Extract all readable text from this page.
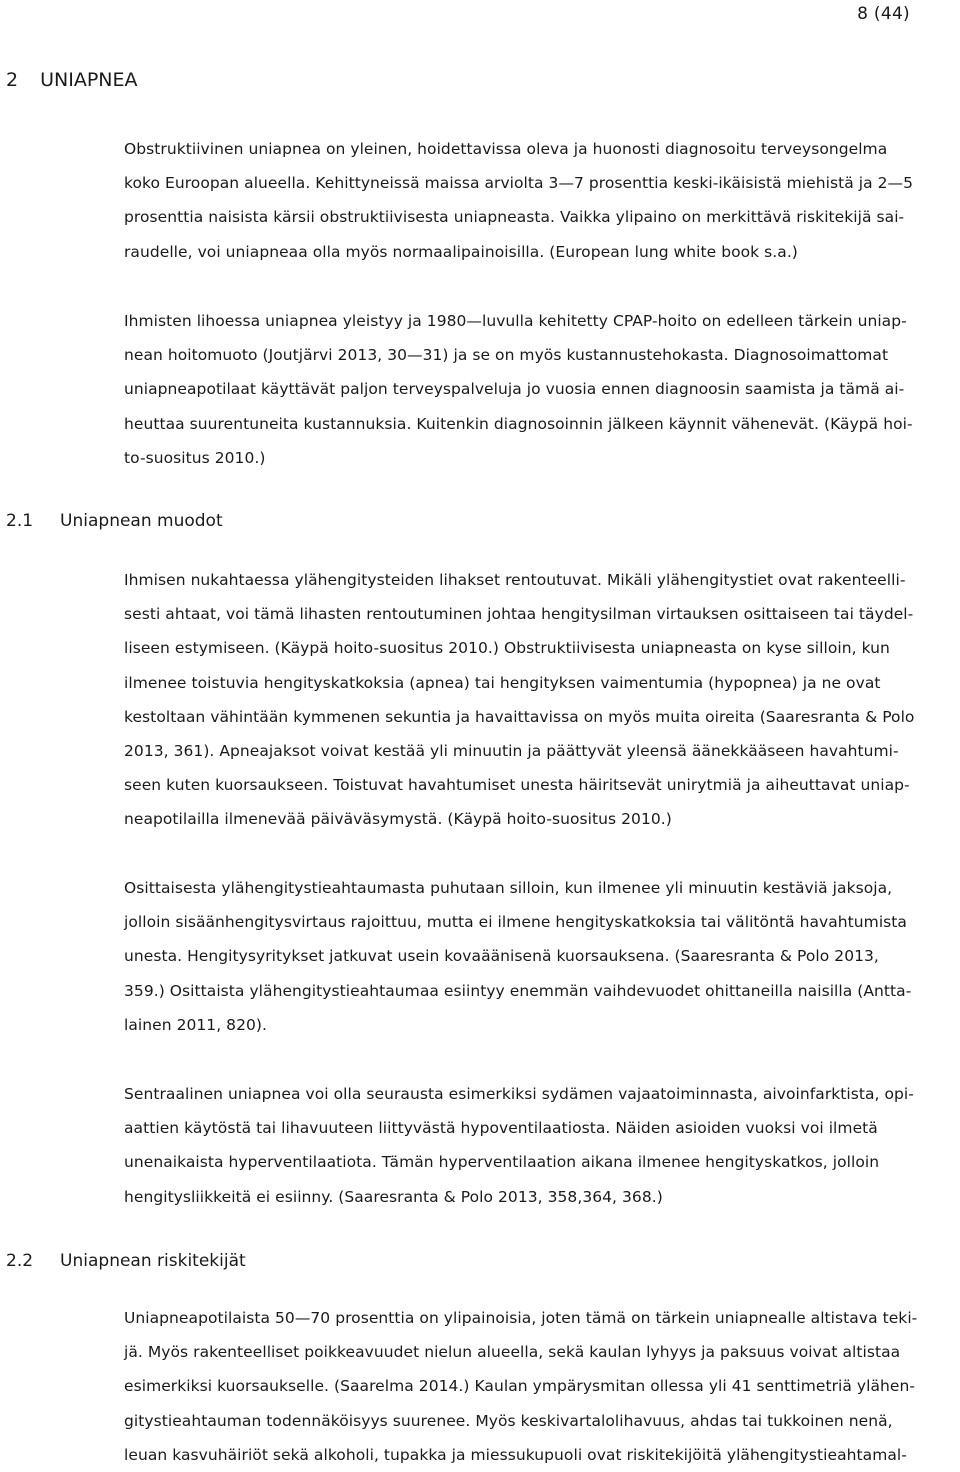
8 (44)
2 UNIAPNEA

Obstruktiivinen uniapnea on yleinen, hoidettavissa oleva ja huonosti diagnosoitu terveysongelma
koko Euroopan alueella. Kehittyneissä maissa arviolta 3—7 prosenttia keski-ikäisistä miehistä ja 2—5
prosenttia naisista kärsii obstruktiivisesta uniapneasta. Vaikka ylipaino on merkittävä riskitekijä sai-
raudelle, voi uniapneaa olla myös normaalipainoisilla. (European lung white book s.a.)

Ihmisten lihoessa uniapnea yleistyy ja 1980—luvulla kehitetty CPAP-hoito on edelleen tärkein uniap-
nean hoitomuoto (Joutjärvi 2013, 30—31) ja se on myös kustannustehokasta. Diagnosoimattomat
uniapneapotilaat käyttävät paljon terveyspalveluja jo vuosia ennen diagnoosin saamista ja tämä ai-
heuttaa suurentuneita kustannuksia. Kuitenkin diagnosoinnin jälkeen käynnit vähenevät. (Käypä hoi-
to-suositus 2010.)

2.1 Uniapnean muodot

Ihmisen nukahtaessa ylähengitysteiden lihakset rentoutuvat. Mikäli ylähengitystiet ovat rakenteelli-
sesti ahtaat, voi tämä lihasten rentoutuminen johtaa hengitysilman virtauksen osittaiseen tai täydel-
liseen estymiseen. (Käypä hoito-suositus 2010.) Obstruktiivisesta uniapneasta on kyse silloin, kun
ilmenee toistuvia hengityskatkoksia (apnea) tai hengityksen vaimentumia (hypopnea) ja ne ovat
kestoltaan vähintään kymmenen sekuntia ja havaittavissa on myös muita oireita (Saaresranta & Polo
2013, 361). Apneajaksot voivat kestää yli minuutin ja päättyvät yleensä äänekkääseen havahtumi-
seen kuten kuorsaukseen. Toistuvat havahtumiset unesta häiritsevät unirytmiä ja aiheuttavat uniap-
neapotilailla ilmenevää päiväväsymystä. (Käypä hoito-suositus 2010.)

Osittaisesta ylähengitystieahtaumasta puhutaan silloin, kun ilmenee yli minuutin kestäviä jaksoja,
jolloin sisäänhengitysvirtaus rajoittuu, mutta ei ilmene hengityskatkoksia tai välitöntä havahtumista
unesta. Hengitysyritykset jatkuvat usein kovaäänisenä kuorsauksena. (Saaresranta & Polo 2013,
359.) Osittaista ylähengitystieahtaumaa esiintyy enemmän vaihdevuodet ohittaneilla naisilla (Antta-
lainen 2011, 820).

Sentraalinen uniapnea voi olla seurausta esimerkiksi sydämen vajaatoiminnasta, aivoinfarktista, opi-
aattien käytöstä tai lihavuuteen liittyvästä hypoventilaatiosta. Näiden asioiden vuoksi voi ilmetä
unenaikaista hyperventilaatiota. Tämän hyperventilaation aikana ilmenee hengityskatkos, jolloin
hengitysliikkeitä ei esiinny. (Saaresranta & Polo 2013, 358,364, 368.)

2.2 Uniapnean riskitekijät

Uniapneapotilaista 50—70 prosenttia on ylipainoisia, joten tämä on tärkein uniapnealle altistava teki-
jä. Myös rakenteelliset poikkeavuudet nielun alueella, sekä kaulan lyhyys ja paksuus voivat altistaa
esimerkiksi kuorsaukselle. (Saarelma 2014.) Kaulan ympärysmitan ollessa yli 41 senttimetriä ylähen-
gitystieahtauman todennäköisyys suurenee. Myös keskivartalolihavuus, ahdas tai tukkoinen nenä,
leuan kasvuhäiriöt sekä alkoholi, tupakka ja miessukupuoli ovat riskitekijöitä ylähengitystieahtamal-
